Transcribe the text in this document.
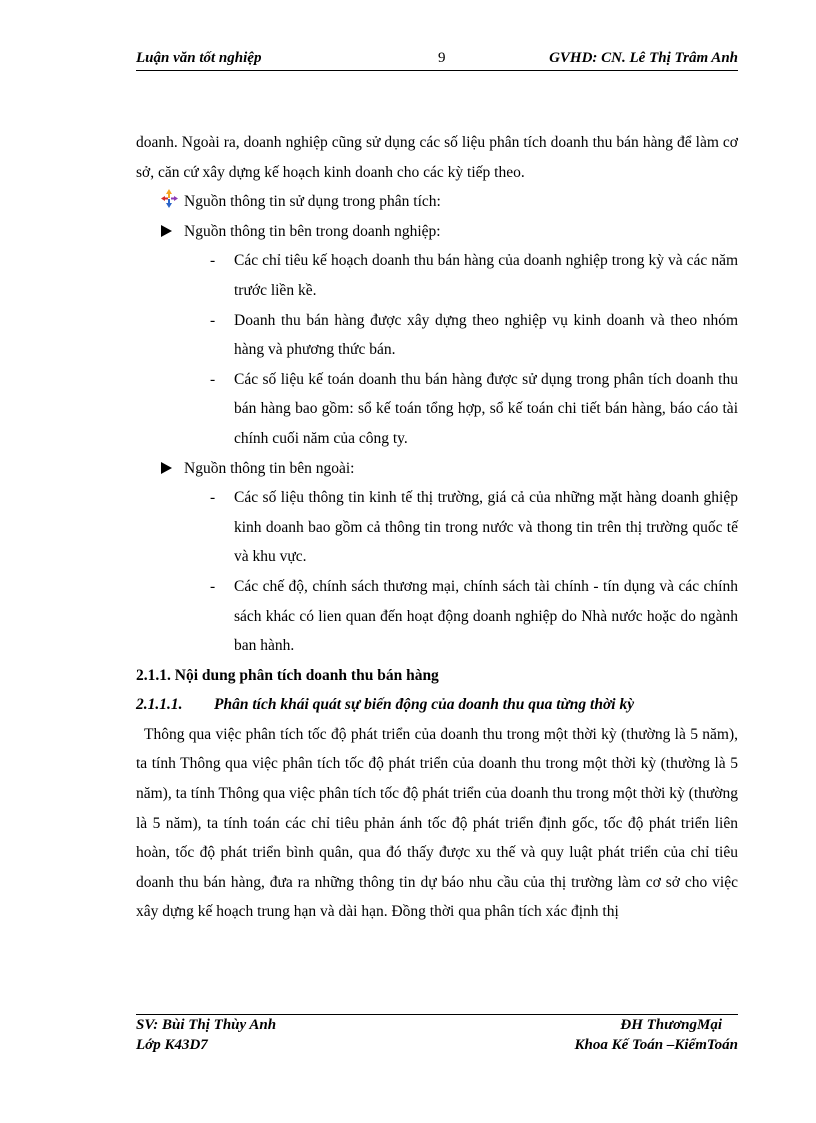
Luận văn tốt nghiệp	9	GVHD: CN. Lê Thị Trâm Anh

doanh. Ngoài ra, doanh nghiệp cũng sử dụng các số liệu phân tích doanh thu bán hàng để làm cơ sở, căn cứ xây dựng kế hoạch kinh doanh cho các kỳ tiếp theo.

Nguồn thông tin sử dụng trong phân tích:
Nguồn thông tin bên trong doanh nghiệp:
- Các chỉ tiêu kế hoạch doanh thu bán hàng của doanh nghiệp trong kỳ và các năm trước liền kề.
- Doanh thu bán hàng được xây dựng theo nghiệp vụ kinh doanh và theo nhóm hàng và phương thức bán.
- Các số liệu kế toán doanh thu bán hàng được sử dụng trong phân tích doanh thu bán hàng bao gồm: sổ kế toán tổng hợp, sổ kế toán chi tiết bán hàng, báo cáo tài chính cuối năm của công ty.
Nguồn thông tin bên ngoài:
- Các số liệu thông tin kinh tế thị trường, giá cả của những mặt hàng doanh ghiệp kinh doanh bao gồm cả thông tin trong nước và thong tin trên thị trường quốc tế và khu vực.
- Các chế độ, chính sách thương mại, chính sách tài chính - tín dụng và các chính sách khác có lien quan đến hoạt động doanh nghiệp do Nhà nước hoặc do ngành ban hành.

2.1.1. Nội dung phân tích doanh thu bán hàng

2.1.1.1. Phân tích khái quát sự biến động của doanh thu qua từng thời kỳ

Thông qua việc phân tích tốc độ phát triển của doanh thu trong một thời kỳ (thường là 5 năm), ta tính Thông qua việc phân tích tốc độ phát triển của doanh thu trong một thời kỳ (thường là 5 năm), ta tính Thông qua việc phân tích tốc độ phát triển của doanh thu trong một thời kỳ (thường là 5 năm), ta tính toán các chỉ tiêu phản ánh tốc độ phát triển định gốc, tốc độ phát triển liên hoàn, tốc độ phát triển bình quân, qua đó thấy được xu thế và quy luật phát triển của chỉ tiêu doanh thu bán hàng, đưa ra những thông tin dự báo nhu cầu của thị trường làm cơ sở cho việc xây dựng kế hoạch trung hạn và dài hạn. Đồng thời qua phân tích xác định thị

SV: Bùi Thị Thùy Anh	ĐH ThươngMại
Lớp K43D7	Khoa Kế Toán –KiểmToán
